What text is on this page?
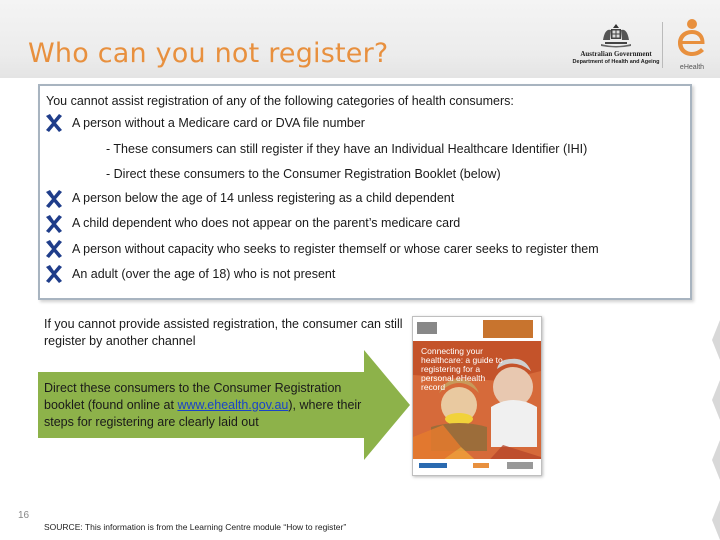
Who can you not register?	Australian Government
Department of Health and Ageing
eHealth
You cannot assist registration of any of the following categories of health consumers:
A person without a Medicare card or DVA file number
- These consumers can still register if they have an Individual Healthcare Identifier (IHI)
- Direct these consumers to the Consumer Registration Booklet (below)
A person below the age of 14 unless registering as a child dependent
A child dependent who does not appear on the parent’s medicare card
A person without capacity who seeks to register themself or whose carer seeks to register them
An adult (over the age of 18) who is not present
If you cannot provide assisted registration, the consumer can still register by another channel
Direct these consumers to the Consumer Registration booklet (found online at www.ehealth.gov.au), where their steps for registering are clearly laid out
Connecting your healthcare: a guide to registering for a personal eHealth record
16
SOURCE: This information is from the Learning Centre module “How to register”
